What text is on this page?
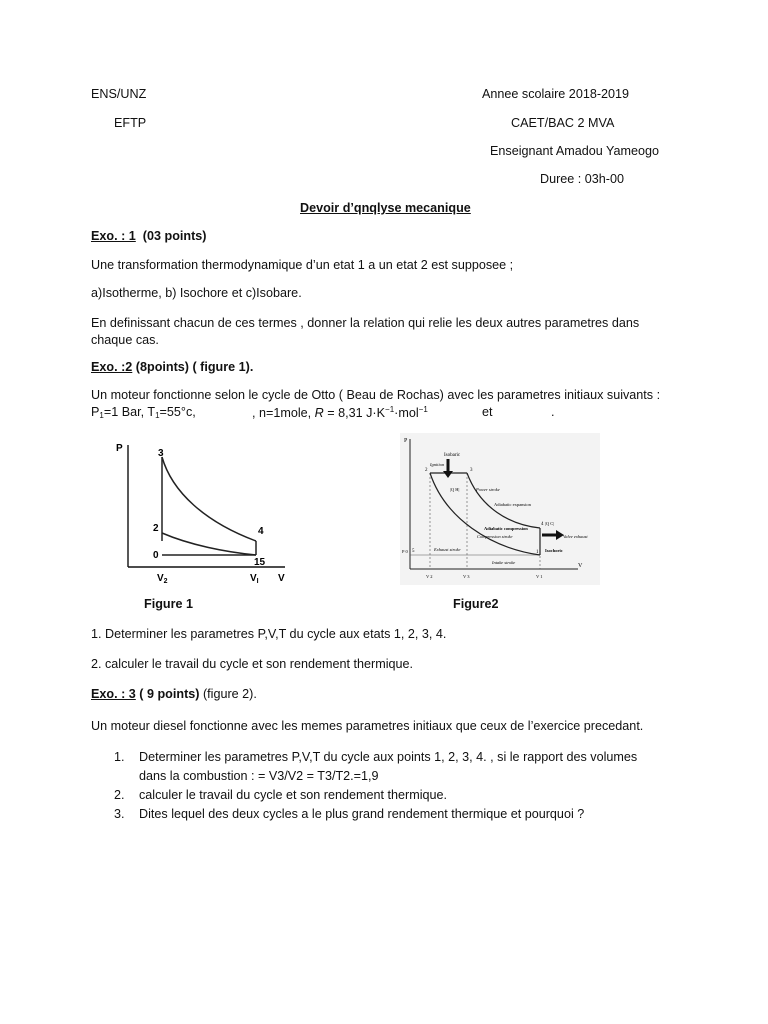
ENS/UNZ
EFTP
Annee scolaire 2018-2019
CAET/BAC 2 MVA
Enseignant Amadou Yameogo
Duree : 03h-00
Devoir d’qnqlyse mecanique
Exo. : 1 (03 points)
Une transformation thermodynamique d’un etat 1 a un etat 2 est supposee ;
a)Isotherme, b) Isochore et c)Isobare.
En definissant chacun de ces termes , donner la relation qui relie les deux autres parametres dans chaque cas.
Exo. :2 (8points) ( figure 1).
Un moteur fonctionne selon le cycle de Otto ( Beau de Rochas) avec les parametres initiaux suivants :
$P_1=1$ Bar, T1=55°c,	, n=1mole, R = 8,31 $J\cdot K^{-1}\cdot mol^{-1}$	et	.
P	3
2	4
0
15
$V_2$	$V_I$ V
P
V
Isobaric
Ignition
|Q H|	Power stroke
Adiabatic expansion
Adiabatic compression
Compression stroke
|Q C|
Valve exhaust
Exhaust stroke	Isochoric
Intake stroke
P 0
V 2	V 3	V 1
1
2	3
4
5
Figure 1	Figure2
1. Determiner les parametres P,V,T du cycle aux etats 1, 2, 3, 4.
2. calculer le travail du cycle et son rendement thermique.
Exo. : 3 ( 9 points) (figure 2).
Un moteur diesel fonctionne avec les memes parametres initiaux que ceux de l’exercice precedant.
1. Determiner les parametres P,V,T du cycle aux points 1, 2, 3, 4. , si le rapport des volumes
dans la combustion : = V3/V2 = T3/T2.=1,9
2. calculer le travail du cycle et son rendement thermique.
3. Dites lequel des deux cycles a le plus grand rendement thermique et pourquoi ?
